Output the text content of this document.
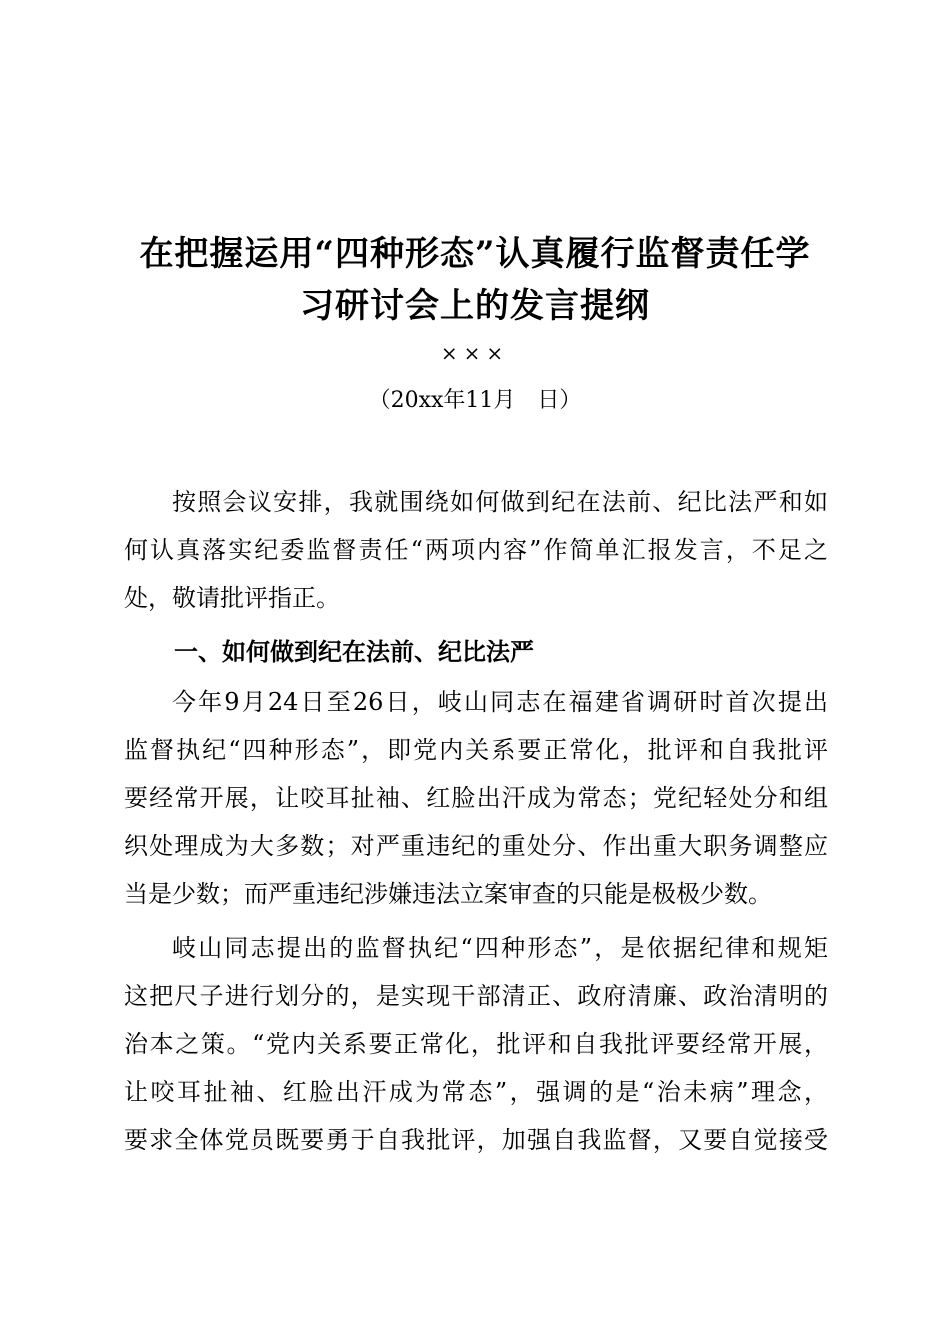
在把握运用“四种形态”认真履行监督责任学
习研讨会上的发言提纲
×××
（20xx年11月　日）
按照会议安排，我就围绕如何做到纪在法前、纪比法严和如
何认真落实纪委监督责任“两项内容”作简单汇报发言，不足之
处，敬请批评指正。
一、如何做到纪在法前、纪比法严
今年9月24日至26日，岐山同志在福建省调研时首次提出
监督执纪“四种形态”，即党内关系要正常化，批评和自我批评
要经常开展，让咬耳扯袖、红脸出汗成为常态；党纪轻处分和组
织处理成为大多数；对严重违纪的重处分、作出重大职务调整应
当是少数；而严重违纪涉嫌违法立案审查的只能是极极少数。
岐山同志提出的监督执纪“四种形态”，是依据纪律和规矩
这把尺子进行划分的，是实现干部清正、政府清廉、政治清明的
治本之策。“党内关系要正常化，批评和自我批评要经常开展，
让咬耳扯袖、红脸出汗成为常态”，强调的是“治未病”理念，
要求全体党员既要勇于自我批评，加强自我监督，又要自觉接受
